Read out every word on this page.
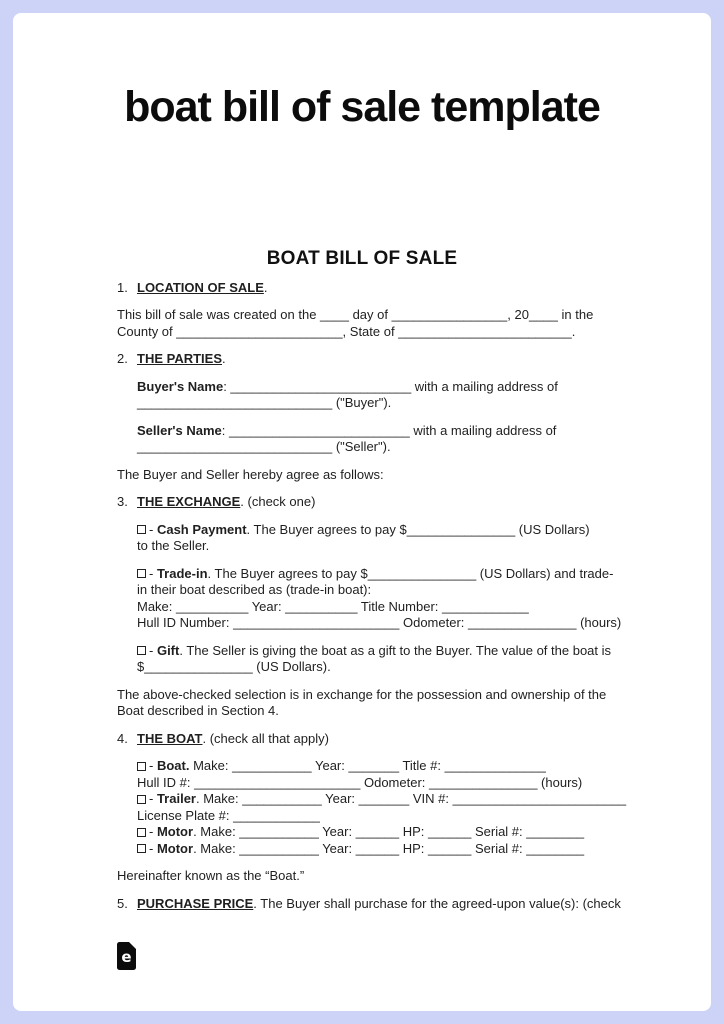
boat bill of sale template
BOAT BILL OF SALE
1. LOCATION OF SALE.
This bill of sale was created on the ____ day of ________________, 20____ in the
County of _______________________, State of ________________________.
2. THE PARTIES.
Buyer's Name: _________________________ with a mailing address of
___________________________ ("Buyer").
Seller's Name: _________________________ with a mailing address of
___________________________ ("Seller").
The Buyer and Seller hereby agree as follows:
3. THE EXCHANGE. (check one)
- Cash Payment. The Buyer agrees to pay $_______________ (US Dollars)
to the Seller.
- Trade-in. The Buyer agrees to pay $_______________ (US Dollars) and trade-
in their boat described as (trade-in boat):
Make: __________ Year: __________ Title Number: ____________
Hull ID Number: _______________________ Odometer: _______________ (hours)
- Gift. The Seller is giving the boat as a gift to the Buyer. The value of the boat is
$_______________ (US Dollars).
The above-checked selection is in exchange for the possession and ownership of the
Boat described in Section 4.
4. THE BOAT. (check all that apply)
- Boat. Make: ___________ Year: _______ Title #: ______________
Hull ID #: _______________________ Odometer: _______________ (hours)
- Trailer. Make: ___________ Year: _______ VIN #: ________________________
License Plate #: ____________
- Motor. Make: ___________ Year: ______ HP: ______ Serial #: ________
- Motor. Make: ___________ Year: ______ HP: ______ Serial #: ________
Hereinafter known as the “Boat.”
5. PURCHASE PRICE. The Buyer shall purchase for the agreed-upon value(s): (check
e
